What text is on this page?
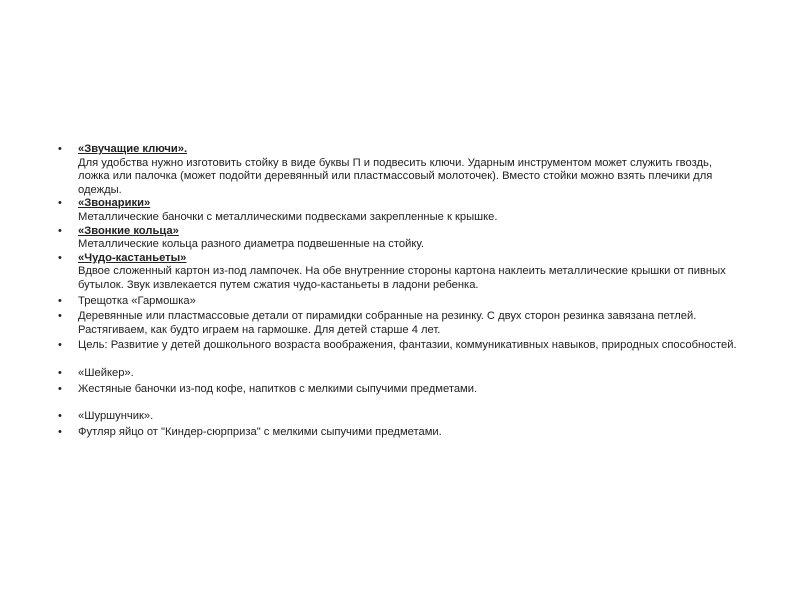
• «Звучащие ключи».
Для удобства нужно изготовить стойку в виде буквы П и подвесить ключи. Ударным инструментом может служить гвоздь, ложка или палочка (может подойти деревянный или пластмассовый молоточек). Вместо стойки можно взять плечики для одежды.
• «Звонарики»
Металлические баночки с металлическими подвесками закрепленные к крышке.
• «Звонкие кольца»
Металлические кольца разного диаметра подвешенные на стойку.
• «Чудо-кастаньеты»
Вдвое сложенный картон из-под лампочек. На обе внутренние стороны картона наклеить металлические крышки от пивных бутылок. Звук извлекается путем сжатия чудо-кастаньеты в ладони ребенка.
• Трещотка «Гармошка»
• Деревянные или пластмассовые детали от пирамидки собранные на резинку. С двух сторон резинка завязана петлей. Растягиваем, как будто играем на гармошке. Для детей старше 4 лет.
• Цель: Развитие у детей дошкольного возраста воображения, фантазии, коммуникативных навыков, природных способностей.
• «Шейкер».
• Жестяные баночки из-под кофе, напитков с мелкими сыпучими предметами.
• «Шуршунчик».
• Футляр яйцо от "Киндер-сюрприза" с мелкими сыпучими предметами.
